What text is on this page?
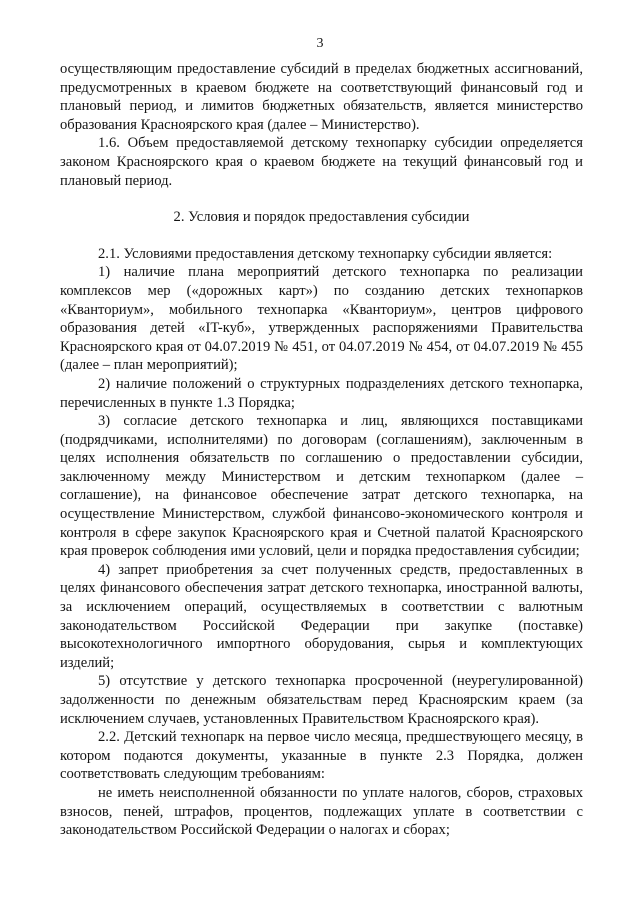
3

осуществляющим предоставление субсидий в пределах бюджетных ассигнований, предусмотренных в краевом бюджете на соответствующий финансовый год и плановый период, и лимитов бюджетных обязательств, является министерство образования Красноярского края (далее – Министерство).

1.6. Объем предоставляемой детскому технопарку субсидии определяется законом Красноярского края о краевом бюджете на текущий финансовый год и плановый период.

2. Условия и порядок предоставления субсидии

2.1. Условиями предоставления детскому технопарку субсидии является:

1) наличие плана мероприятий детского технопарка по реализации комплексов мер («дорожных карт») по созданию детских технопарков «Кванториум», мобильного технопарка «Кванториум», центров цифрового образования детей «IT-куб», утвержденных распоряжениями Правительства Красноярского края от 04.07.2019 № 451, от 04.07.2019 № 454, от 04.07.2019 № 455 (далее – план мероприятий);

2) наличие положений о структурных подразделениях детского технопарка, перечисленных в пункте 1.3 Порядка;

3) согласие детского технопарка и лиц, являющихся поставщиками (подрядчиками, исполнителями) по договорам (соглашениям), заключенным в целях исполнения обязательств по соглашению о предоставлении субсидии, заключенному между Министерством и детским технопарком (далее – соглашение), на финансовое обеспечение затрат детского технопарка, на осуществление Министерством, службой финансово-экономического контроля и контроля в сфере закупок Красноярского края и Счетной палатой Красноярского края проверок соблюдения ими условий, цели и порядка предоставления субсидии;

4) запрет приобретения за счет полученных средств, предоставленных в целях финансового обеспечения затрат детского технопарка, иностранной валюты, за исключением операций, осуществляемых в соответствии с валютным законодательством Российской Федерации при закупке (поставке) высокотехнологичного импортного оборудования, сырья и комплектующих изделий;

5) отсутствие у детского технопарка просроченной (неурегулированной) задолженности по денежным обязательствам перед Красноярским краем (за исключением случаев, установленных Правительством Красноярского края).

2.2. Детский технопарк на первое число месяца, предшествующего месяцу, в котором подаются документы, указанные в пункте 2.3 Порядка, должен соответствовать следующим требованиям:

не иметь неисполненной обязанности по уплате налогов, сборов, страховых взносов, пеней, штрафов, процентов, подлежащих уплате в соответствии с законодательством Российской Федерации о налогах и сборах;
